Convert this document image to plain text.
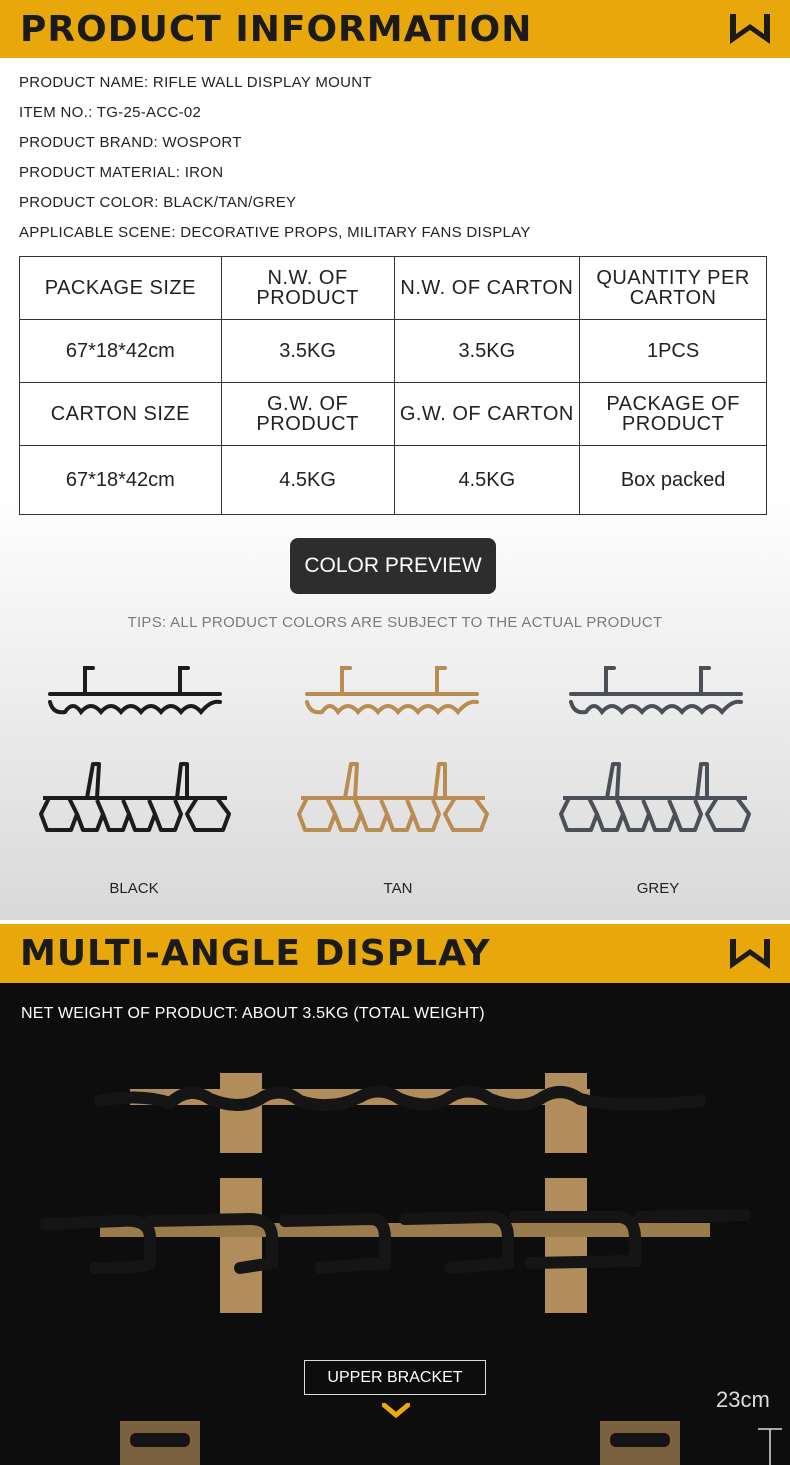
PRODUCT INFORMATION
PRODUCT NAME: RIFLE WALL DISPLAY MOUNT
ITEM NO.: TG-25-ACC-02
PRODUCT BRAND: WOSPORT
PRODUCT MATERIAL: IRON
PRODUCT COLOR: BLACK/TAN/GREY
APPLICABLE SCENE: DECORATIVE PROPS, MILITARY FANS DISPLAY
PACKAGE SIZE	N.W. OF PRODUCT	N.W. OF CARTON	QUANTITY PER CARTON
67*18*42cm	3.5KG	3.5KG	1PCS
CARTON SIZE	G.W. OF PRODUCT	G.W. OF CARTON	PACKAGE OF PRODUCT
67*18*42cm	4.5KG	4.5KG	Box packed
COLOR PREVIEW
TIPS: ALL PRODUCT COLORS ARE SUBJECT TO THE ACTUAL PRODUCT
BLACK	TAN	GREY
MULTI-ANGLE DISPLAY
NET WEIGHT OF PRODUCT: ABOUT 3.5KG (TOTAL WEIGHT)
UPPER BRACKET
23cm
